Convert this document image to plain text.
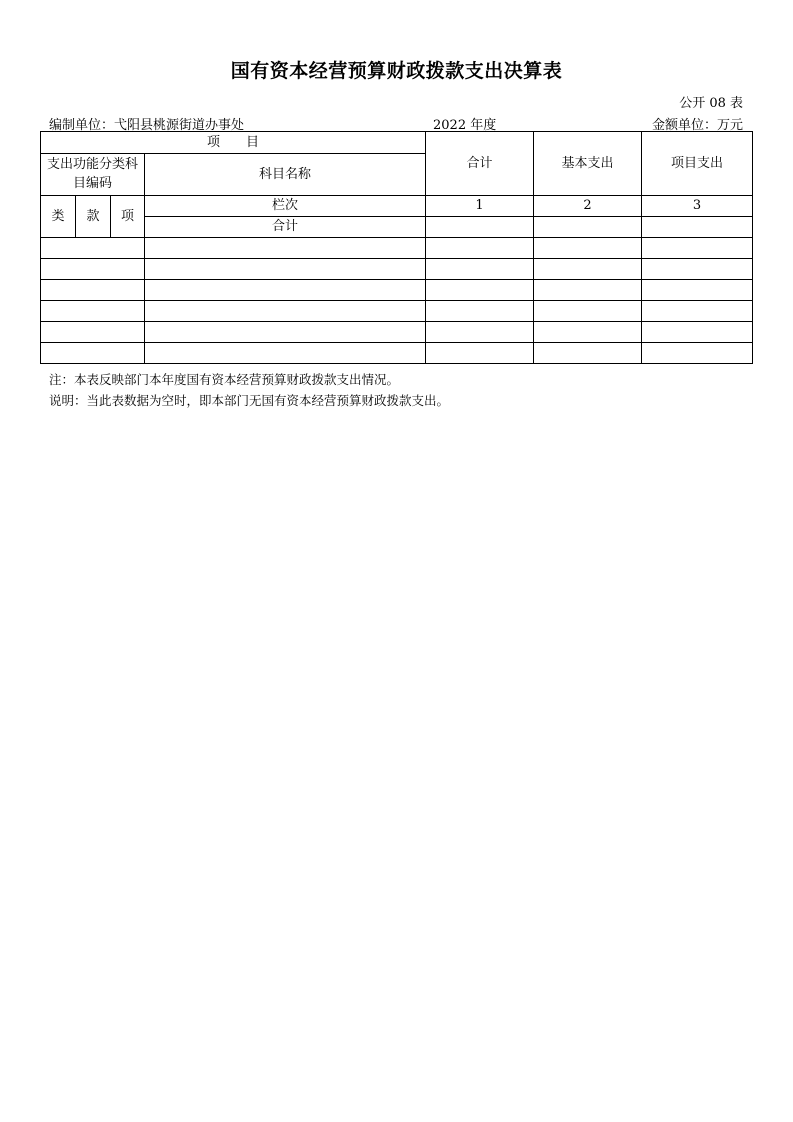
国有资本经营预算财政拨款支出决算表
公开 08 表
编制单位：弋阳县桃源街道办事处	2022 年度	金额单位：万元
项　　目				合计	基本支出	项目支出
支出功能分类科目编码			科目名称			
类	款	项	栏次	1	2	3
			合计			

注：本表反映部门本年度国有资本经营预算财政拨款支出情况。
说明：当此表数据为空时，即本部门无国有资本经营预算财政拨款支出。
